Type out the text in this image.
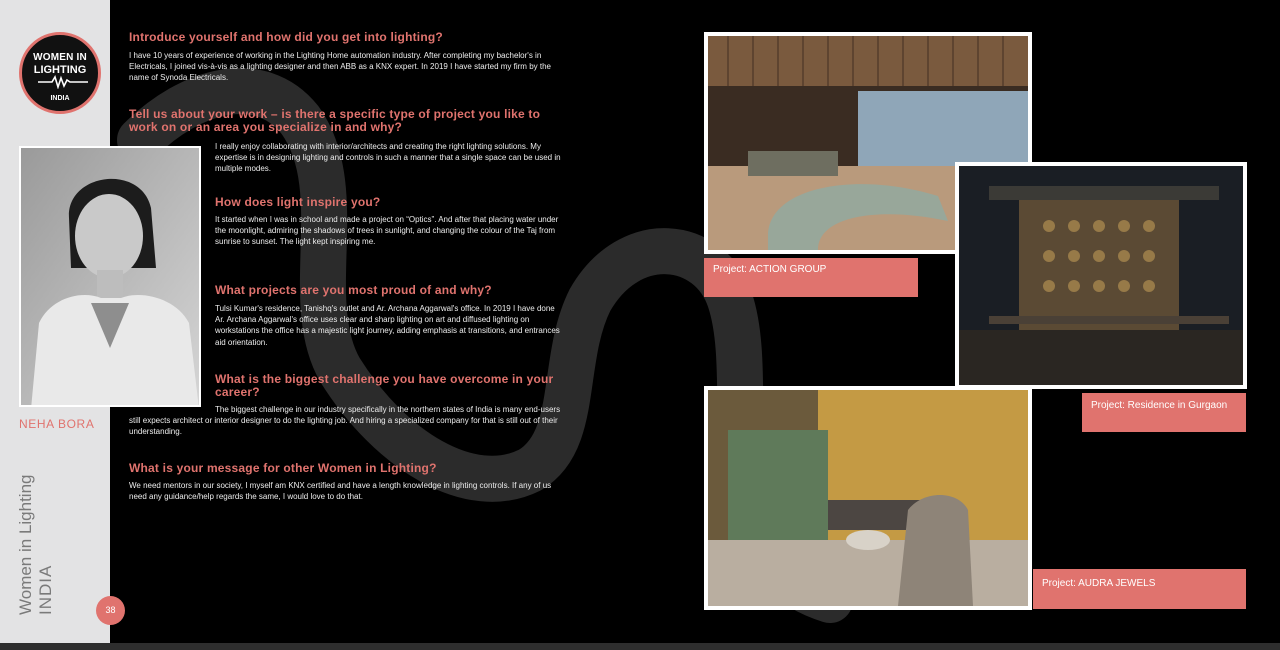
WOMEN IN
LIGHTING
INDIA
NEHA BORA
Women in Lighting INDIA	38
Introduce yourself and how did you get into lighting?
I have 10 years of experience of working in the Lighting Home automation industry. After completing my bachelor's in Electricals, I joined vis-à-vis as a lighting designer and then ABB as a KNX expert. In 2019 I have started my firm by the name of Synoda Electricals.
Tell us about your work – is there a specific type of project you like to work on or an area you specialize in and why?
I really enjoy collaborating with interior/architects and creating the right lighting solutions. My expertise is in designing lighting and controls in such a manner that a single space can be used in multiple modes.
How does light inspire you?
It started when I was in school and made a project on “Optics”. And after that placing water under the moonlight, admiring the shadows of trees in sunlight, and changing the colour of the Taj from sunrise to sunset. The light kept inspiring me.
What projects are you most proud of and why?
Tulsi Kumar's residence, Tanishq's outlet and Ar. Archana Aggarwal's office. In 2019 I have done Ar. Archana Aggarwal's office uses clear and sharp lighting on art and diffused lighting on workstations the office has a majestic light journey, adding emphasis at transitions, and entrances aid orientation.
What is the biggest challenge you have overcome in your career?
The biggest challenge in our industry specifically in the northern states of India is many end-users still expects architect or interior designer to do the lighting job. And hiring a specialized company for that is still out of their understanding.
What is your message for other Women in Lighting?
We need mentors in our society, I myself am KNX certified and have a length knowledge in lighting controls. If any of us need any guidance/help regards the same, I would love to do that.
Project: ACTION GROUP
Project: Residence in Gurgaon
Project: AUDRA JEWELS
